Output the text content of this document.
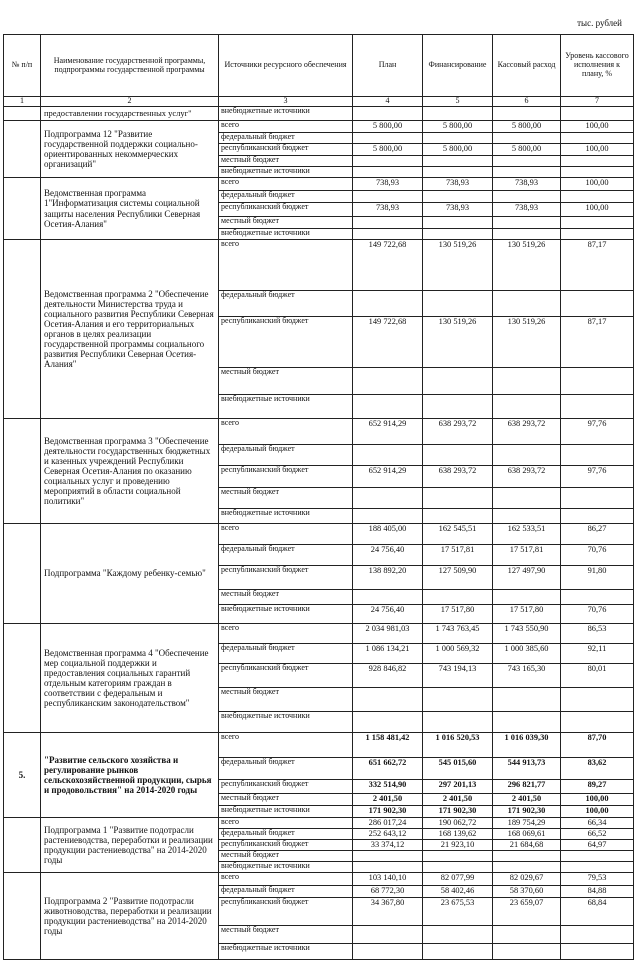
тыс. рублей
№ п/п	Наименование государственной программы, подпрограммы государственной программы	Источники ресурсного обеспечения	План	Финансирование	Кассовый расход	Уровень кассового исполнения к плану, %
1	2	3	4	5	6	7
	предоставлении государственных услуг"	внебюджетные источники				
	Подпрограмма 12 "Развитие государственной поддержки социально-ориентированных некоммерческих организаций"	всего	5 800,00	5 800,00	5 800,00	100,00
		федеральный бюджет				
		республиканский бюджет	5 800,00	5 800,00	5 800,00	100,00
		местный бюджет				
		внебюджетные источники				
	Ведомственная программа 1"Информатизация системы социальной защиты населения Республики Северная Осетия-Алания"	всего	738,93	738,93	738,93	100,00
		федеральный бюджет				
		республиканский бюджет	738,93	738,93	738,93	100,00
		местный бюджет				
		внебюджетные источники				
	Ведомственная программа 2 "Обеспечение деятельности Министерства труда и социального развития Республики Северная Осетия-Алания и его территориальных органов в целях реализации государственной программы социального развития Республики Северная Осетия-Алания"	всего	149 722,68	130 519,26	130 519,26	87,17
		федеральный бюджет				
		республиканский бюджет	149 722,68	130 519,26	130 519,26	87,17
		местный бюджет				
		внебюджетные источники				
	Ведомственная программа 3 "Обеспечение деятельности государственных бюджетных и казенных учреждений Республики Северная Осетия-Алания по оказанию социальных услуг и проведению мероприятий в области социальной политики"	всего	652 914,29	638 293,72	638 293,72	97,76
		федеральный бюджет				
		республиканский бюджет	652 914,29	638 293,72	638 293,72	97,76
		местный бюджет				
		внебюджетные источники				
	Подпрограмма "Каждому ребенку-семью"	всего	188 405,00	162 545,51	162 533,51	86,27
		федеральный бюджет	24 756,40	17 517,81	17 517,81	70,76
		республиканский бюджет	138 892,20	127 509,90	127 497,90	91,80
		местный бюджет				
		внебюджетные источники	24 756,40	17 517,80	17 517,80	70,76
	Ведомственная программа 4 "Обеспечение мер социальной поддержки и предоставления социальных гарантий отдельным категориям граждан в соответствии с федеральным и республиканским законодательством"	всего	2 034 981,03	1 743 763,45	1 743 550,90	86,53
		федеральный бюджет	1 086 134,21	1 000 569,32	1 000 385,60	92,11
		республиканский бюджет	928 846,82	743 194,13	743 165,30	80,01
		местный бюджет				
		внебюджетные источники				
5.	"Развитие сельского хозяйства и регулирование рынков сельскохозяйственной продукции, сырья и продовольствия" на 2014-2020 годы	всего	1 158 481,42	1 016 520,53	1 016 039,30	87,70
		федеральный бюджет	651 662,72	545 015,60	544 913,73	83,62
		республиканский бюджет	332 514,90	297 201,13	296 821,77	89,27
		местный бюджет	2 401,50	2 401,50	2 401,50	100,00
		внебюджетные источники	171 902,30	171 902,30	171 902,30	100,00
	Подпрограмма 1 "Развитие подотрасли растениеводства, переработки и реализации продукции растениеводства" на 2014-2020 годы	всего	286 017,24	190 062,72	189 754,29	66,34
		федеральный бюджет	252 643,12	168 139,62	168 069,61	66,52
		республиканский бюджет	33 374,12	21 923,10	21 684,68	64,97
		местный бюджет				
		внебюджетные источники				
	Подпрограмма 2 "Развитие подотрасли животноводства, переработки и реализации продукции растениеводства" на 2014-2020 годы	всего	103 140,10	82 077,99	82 029,67	79,53
		федеральный бюджет	68 772,30	58 402,46	58 370,60	84,88
		республиканский бюджет	34 367,80	23 675,53	23 659,07	68,84
		местный бюджет				
		внебюджетные источники				
